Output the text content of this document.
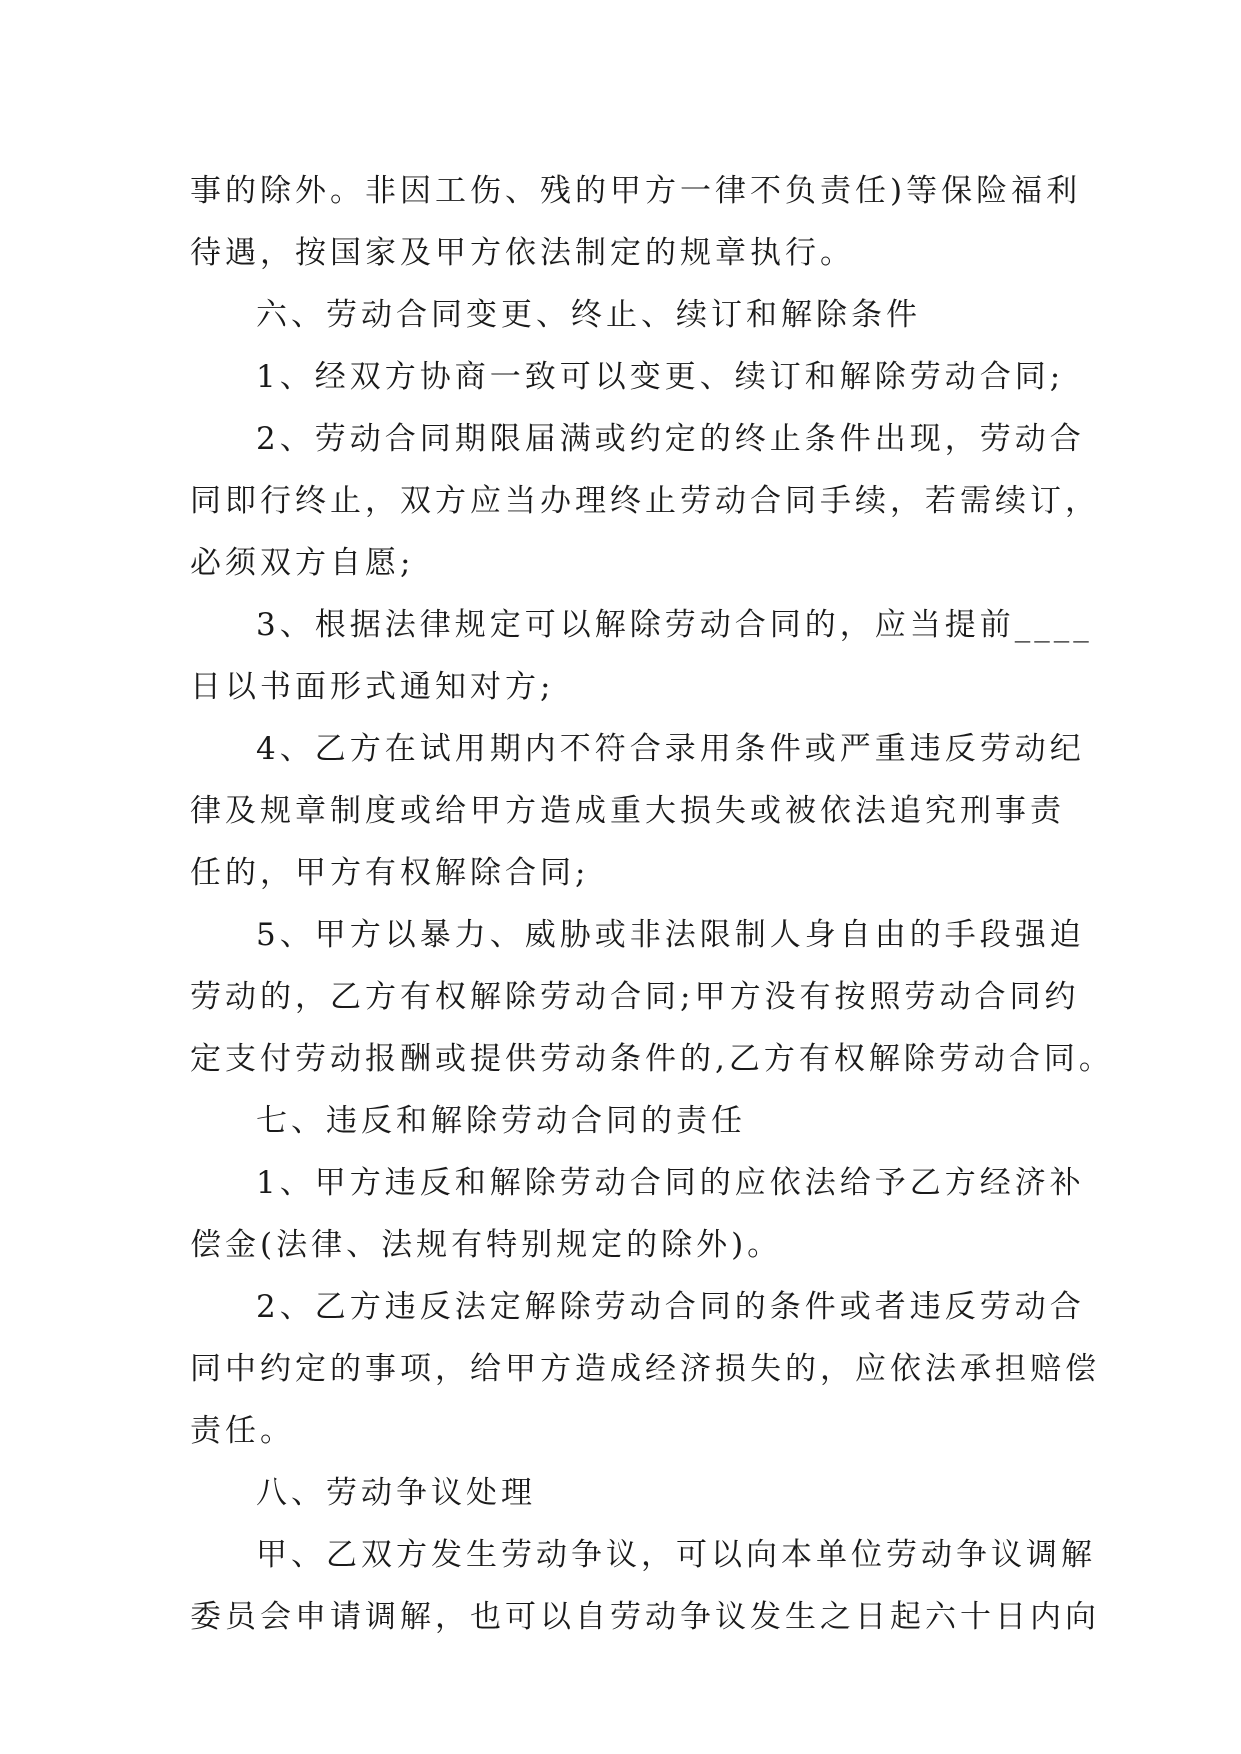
事的除外。非因工伤、残的甲方一律不负责任)等保险福利
待遇，按国家及甲方依法制定的规章执行。
六、劳动合同变更、终止、续订和解除条件
1、经双方协商一致可以变更、续订和解除劳动合同;
2、劳动合同期限届满或约定的终止条件出现，劳动合
同即行终止，双方应当办理终止劳动合同手续，若需续订，
必须双方自愿;
3、根据法律规定可以解除劳动合同的，应当提前____
日以书面形式通知对方;
4、乙方在试用期内不符合录用条件或严重违反劳动纪
律及规章制度或给甲方造成重大损失或被依法追究刑事责
任的，甲方有权解除合同;
5、甲方以暴力、威胁或非法限制人身自由的手段强迫
劳动的，乙方有权解除劳动合同;甲方没有按照劳动合同约
定支付劳动报酬或提供劳动条件的,乙方有权解除劳动合同。
七、违反和解除劳动合同的责任
1、甲方违反和解除劳动合同的应依法给予乙方经济补
偿金(法律、法规有特别规定的除外)。
2、乙方违反法定解除劳动合同的条件或者违反劳动合
同中约定的事项，给甲方造成经济损失的，应依法承担赔偿
责任。
八、劳动争议处理
甲、乙双方发生劳动争议，可以向本单位劳动争议调解
委员会申请调解，也可以自劳动争议发生之日起六十日内向
